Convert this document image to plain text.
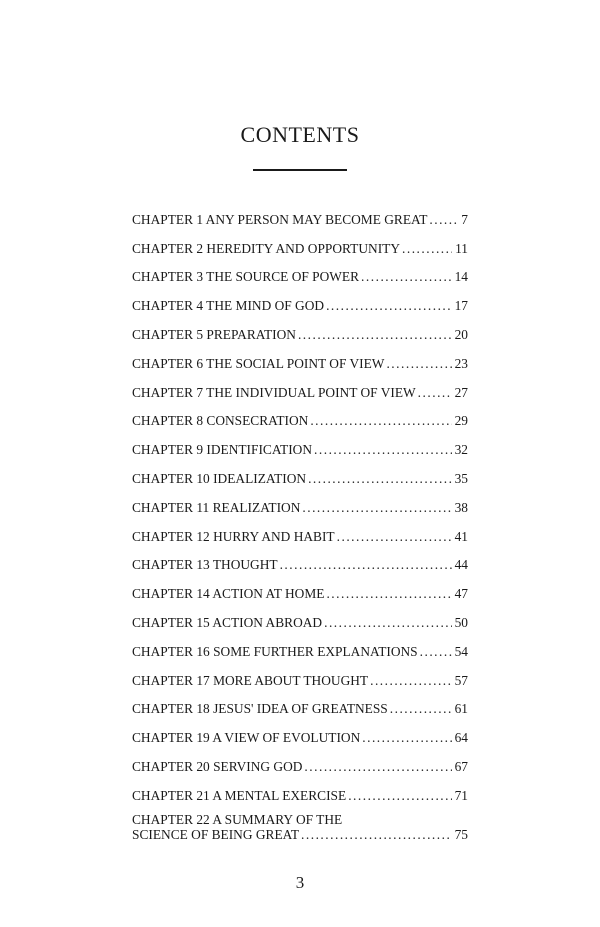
CONTENTS
CHAPTER 1 ANY PERSON MAY BECOME GREAT .....	7
CHAPTER 2 HEREDITY AND OPPORTUNITY .....	11
CHAPTER 3 THE SOURCE OF POWER .....	14
CHAPTER 4 THE MIND OF GOD .....	17
CHAPTER 5 PREPARATION .....	20
CHAPTER 6 THE SOCIAL POINT OF VIEW .....	23
CHAPTER 7 THE INDIVIDUAL POINT OF VIEW .....	27
CHAPTER 8 CONSECRATION .....	29
CHAPTER 9 IDENTIFICATION .....	32
CHAPTER 10 IDEALIZATION .....	35
CHAPTER 11 REALIZATION .....	38
CHAPTER 12 HURRY AND HABIT .....	41
CHAPTER 13 THOUGHT .....	44
CHAPTER 14 ACTION AT HOME .....	47
CHAPTER 15 ACTION ABROAD .....	50
CHAPTER 16 SOME FURTHER EXPLANATIONS .....	54
CHAPTER 17 MORE ABOUT THOUGHT .....	57
CHAPTER 18 JESUS' IDEA OF GREATNESS .....	61
CHAPTER 19 A VIEW OF EVOLUTION .....	64
CHAPTER 20 SERVING GOD .....	67
CHAPTER 21 A MENTAL EXERCISE .....	71
CHAPTER 22 A SUMMARY OF THE
SCIENCE OF BEING GREAT .....	75
3
